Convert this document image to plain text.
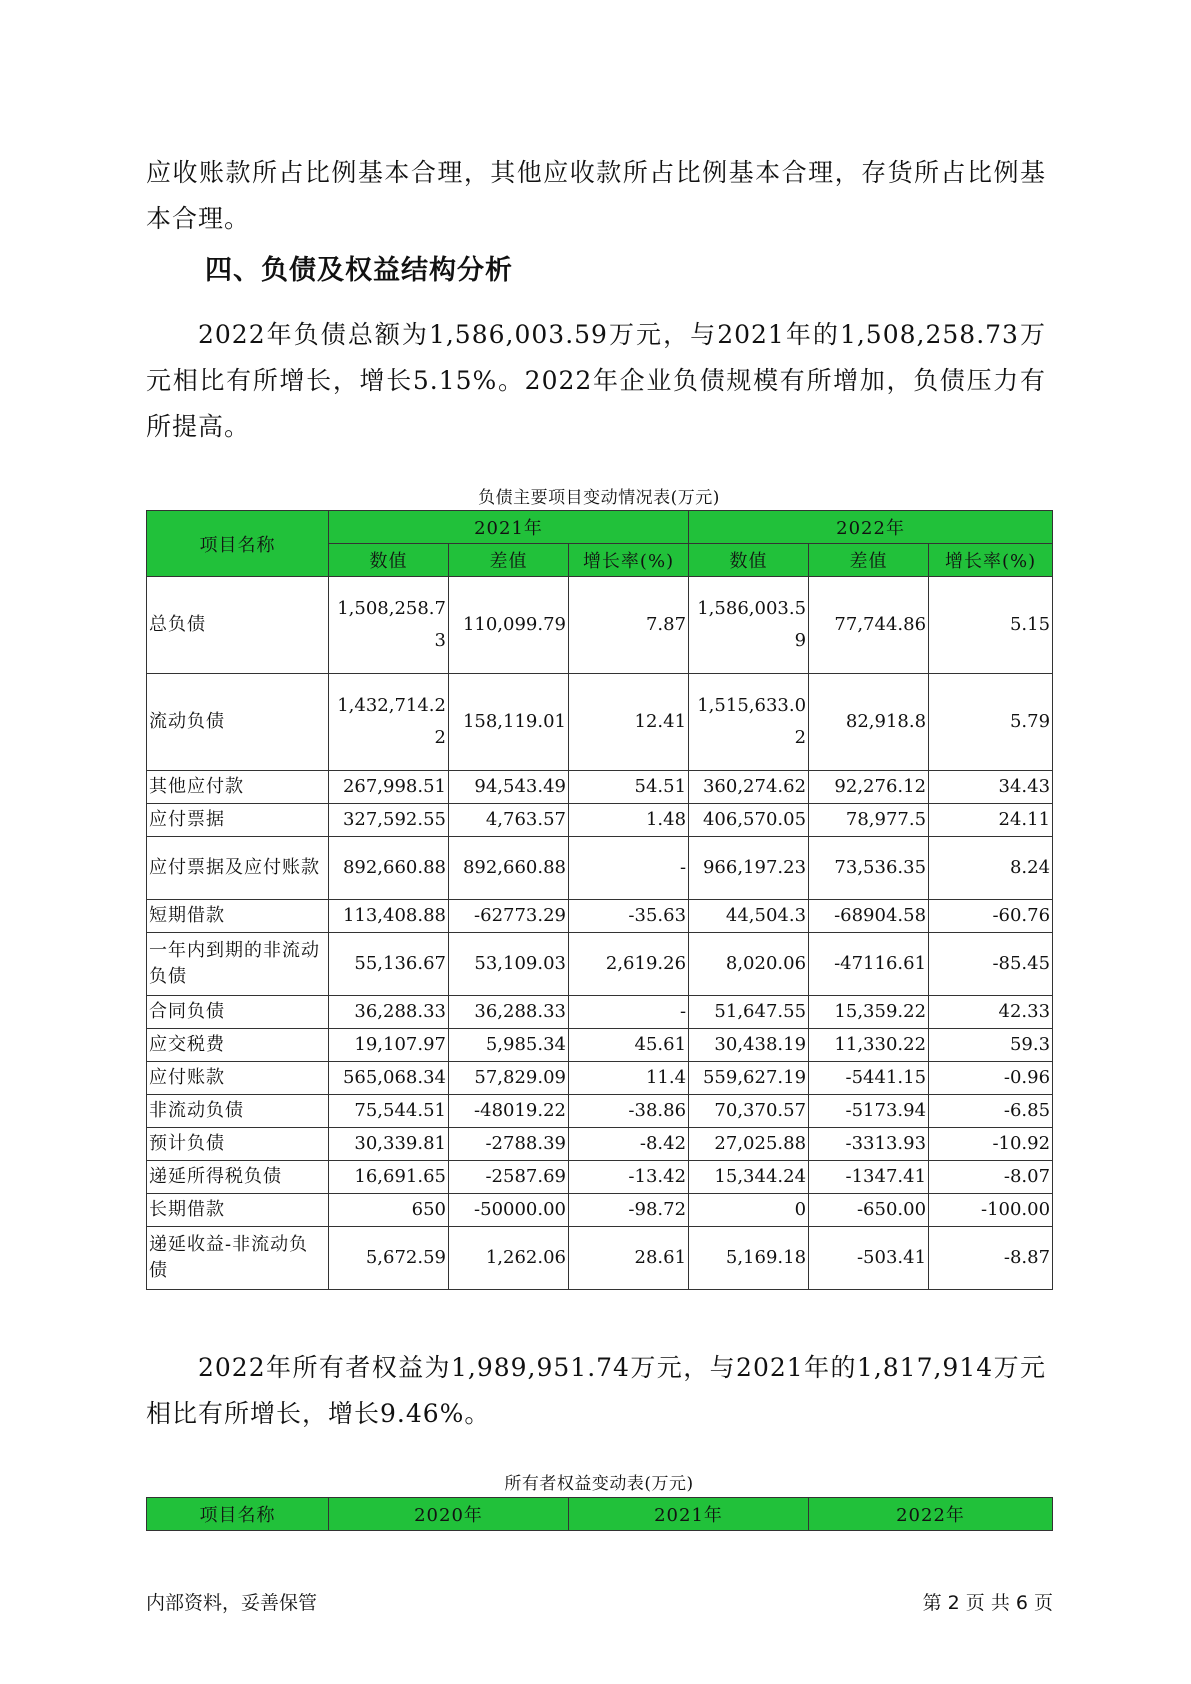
应收账款所占比例基本合理，其他应收款所占比例基本合理，存货所占比例基本合理。

四、负债及权益结构分析

2022年负债总额为1,586,003.59万元，与2021年的1,508,258.73万元相比有所增长，增长5.15%。2022年企业负债规模有所增加，负债压力有所提高。

负债主要项目变动情况表(万元)
项目名称	2021年			2022年		
	数值	差值	增长率(%)	数值	差值	增长率(%)
总负债	1,508,258.73	110,099.79	7.87	1,586,003.59	77,744.86	5.15
流动负债	1,432,714.22	158,119.01	12.41	1,515,633.02	82,918.8	5.79
其他应付款	267,998.51	94,543.49	54.51	360,274.62	92,276.12	34.43
应付票据	327,592.55	4,763.57	1.48	406,570.05	78,977.5	24.11
应付票据及应付账款	892,660.88	892,660.88	-	966,197.23	73,536.35	8.24
短期借款	113,408.88	-62773.29	-35.63	44,504.3	-68904.58	-60.76
一年内到期的非流动负债	55,136.67	53,109.03	2,619.26	8,020.06	-47116.61	-85.45
合同负债	36,288.33	36,288.33	-	51,647.55	15,359.22	42.33
应交税费	19,107.97	5,985.34	45.61	30,438.19	11,330.22	59.3
应付账款	565,068.34	57,829.09	11.4	559,627.19	-5441.15	-0.96
非流动负债	75,544.51	-48019.22	-38.86	70,370.57	-5173.94	-6.85
预计负债	30,339.81	-2788.39	-8.42	27,025.88	-3313.93	-10.92
递延所得税负债	16,691.65	-2587.69	-13.42	15,344.24	-1347.41	-8.07
长期借款	650	-50000.00	-98.72	0	-650.00	-100.00
递延收益-非流动负债	5,672.59	1,262.06	28.61	5,169.18	-503.41	-8.87

2022年所有者权益为1,989,951.74万元，与2021年的1,817,914万元相比有所增长，增长9.46%。

所有者权益变动表(万元)
项目名称	2020年	2021年	2022年
内部资料，妥善保管	第 2 页 共 6 页
